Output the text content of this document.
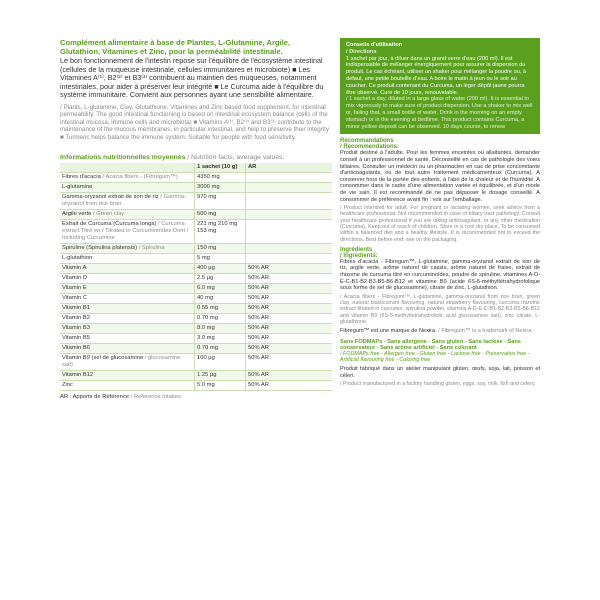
Complément alimentaire à base de Plantes, L-Glutamine, Argile, Glutathion, Vitamines et Zinc, pour la perméabilité intestinale.

Le bon fonctionnement de l'intestin repose sur l'équilibre de l'écosystème intestinal (cellules de la muqueuse intestinale, cellules immunitaires et microbiote) ■ Les Vitamines A⁽¹⁾, B2⁽²⁾ et B3⁽³⁾ contribuent au maintien des muqueuses, notamment intestinales, pour aider à préserver leur intégrité ■ Le Curcuma aide à l'équilibre du système immunitaire. Convient aux personnes ayant une sensibilité alimentaire.

/ Plants, L-glutamine, Clay, Glutathione, Vitamines and Zinc based food supplement, for intestinal permeability. The good intestinal functioning is based on intestinal ecosystem balance (cells of the intestinal mucosa, immune cells and microbiota) ■ Vitamins A⁽¹⁾, B2⁽²⁾ and B3⁽³⁾ contribute to the maintenance of the mucous membranes, in particular intestinal, and help to preserve their integrity ■ Turmeric helps balance the immune system. Suitable for people with food sensitivity.

Informations nutritionnelles moyennes / Nutrition facts, average values:
	1 sachet (10 g)	AR
Fibres d'acacia / Acacia fibers - (Fibregum™)	4350 mg	
L-glutamine	3000 mg	
Gamma-oryzanol extrait de son de riz / Gamma-oryzanol from rice bran	970 mg	
Argile verte / Green clay	500 mg	
Extrait de Curcuma (Curcuma longa) / Curcuma extract Titré en / Titrated in Curcuminoïdes Dont / Including Curcumine	221 mg 210 mg 153 mg	
Spiruline (Spirulina platensis) / Spirulina	150 mg	
L-glutathion	5 mg	
Vitamin A	400 µg	50% AR
Vitamin D	2.5 µg	50% AR
Vitamin E	6.0 mg	50% AR
Vitamin C	40 mg	50% AR
Vitamin B1	0.55 mg	50% AR
Vitamin B2	0.70 mg	50% AR
Vitamin B3	8.0 mg	50% AR
Vitamin B5	3.0 mg	50% AR
Vitamin B6	0.70 mg	50% AR
Vitamin B9 (sel de glucosamine / glucosamine salt)	100 µg	50% AR
Vitamin B12	1.25 µg	50% AR
Zinc	5.0 mg	50% AR
AR : Apports de Référence / Reference Intakes
Conseils d'utilisation
/ Directions
1 sachet par jour, à diluer dans un grand verre d'eau (200 ml). Il est indispensable de mélanger énergiquement pour assurer la dispersion du produit. Le cas échéant, utiliser un shaker pour mélanger la poudre ou, à défaut, une petite bouteille d'eau. A boire le matin à jeun ou le soir au coucher. Ce produit contenant du Curcuma, un léger dépôt jaune pourra être observé. Cure de 10 jours, renouvelable.
/ 1 sachet a day, diluted in a large glass of water (200 ml). It is essential to mix vigorously to make sure of product dispersion. Use a shaker to mix well or, failing that, a small bottle of water. Drink in the morning on an empty stomach or in the evening at bedtime. This product contains Curcuma, a minor yellow deposit can be observed. 10 days course, to renew
Recommandations
/ Recommendations:

Produit destiné à l'adulte. Pour les femmes enceintes ou allaitantes, demander conseil à un professionnel de santé. Déconseillé en cas de pathologie des voies biliaires. Consulter un médecin ou un pharmacien en cas de prise concomitante d'anticoagulants, ou de tout autre traitement médicamenteux (Curcuma). A conserver hors de la portée des enfants, à l'abri de la chaleur et de l'humidité. A consommer dans le cadre d'une alimentation variée et équilibrée, et d'un mode de vie sain. Il est recommandé de ne pas dépasser le dosage conseillé. A consommer de préférence avant fin : voir sur l'emballage.

/ Product intended for adult. For pregnant or lactating women, seek advice from a healthcare professional. Not recommended in case of biliary tract pathology. Consult your healthcare professional if you are taking anticoagulant, or any other medication (Curcuma). Keep out of reach of children. Store in a cool dry place. To be consumed within a balanced diet and a healthy lifestyle. It is recommended not to exceed the directions. Best before end: see on the packaging.

Ingrédients
/ Ingredients:

Fibres d'acacia - Fibregum™, L-glutamine, gamma-oryzanol extrait de son de riz, argile verte, arôme naturel de cassis, arôme naturel de fraise, extrait de rhizome de curcuma titré en curcuminoïdes, poudre de spiruline, vitamines A-D-E-C-B1-B2-B3-B5-B6-B12 et vitamine B9 (acide 6S-5-méthyltétrahydrofolique sous forme de sel de glucosamine), citrate de zinc, L-glutathion.

/ Acacia fibers - Fibregum™, L-glutamine, gamma-oryzanol from rice bran, green clay, natural blackcurrant flavouring, natural strawberry flavouring, curcuma rhizome extract titrated in curcumin, spirulina powder, vitamins A-D-E-C-B1-B2-B3-B5-B6-B12 and vitamin B9 (6S-5-methyltetrahydrofolic acid glucosamine salt), zinc citrate, L-glutathione.

Fibregum™ est une marque de Nexira. / Fibregum™ is a trademark of Nexira.

Sans FODMAPs - Sans allergène - Sans gluten - Sans lactose - Sans conservateur - Sans arôme artificiel - Sans colorant
/ FODMAPs free - Allergen free - Gluten free - Lactose free - Preservative free - Artificial flavouring free - Coloring free

Produit fabriqué dans un atelier manipulant gluten, œufs, soja, lait, poisson et céleri.

/ Product manufactured in a factory handling gluten, eggs, soy, milk, fish and celery.
